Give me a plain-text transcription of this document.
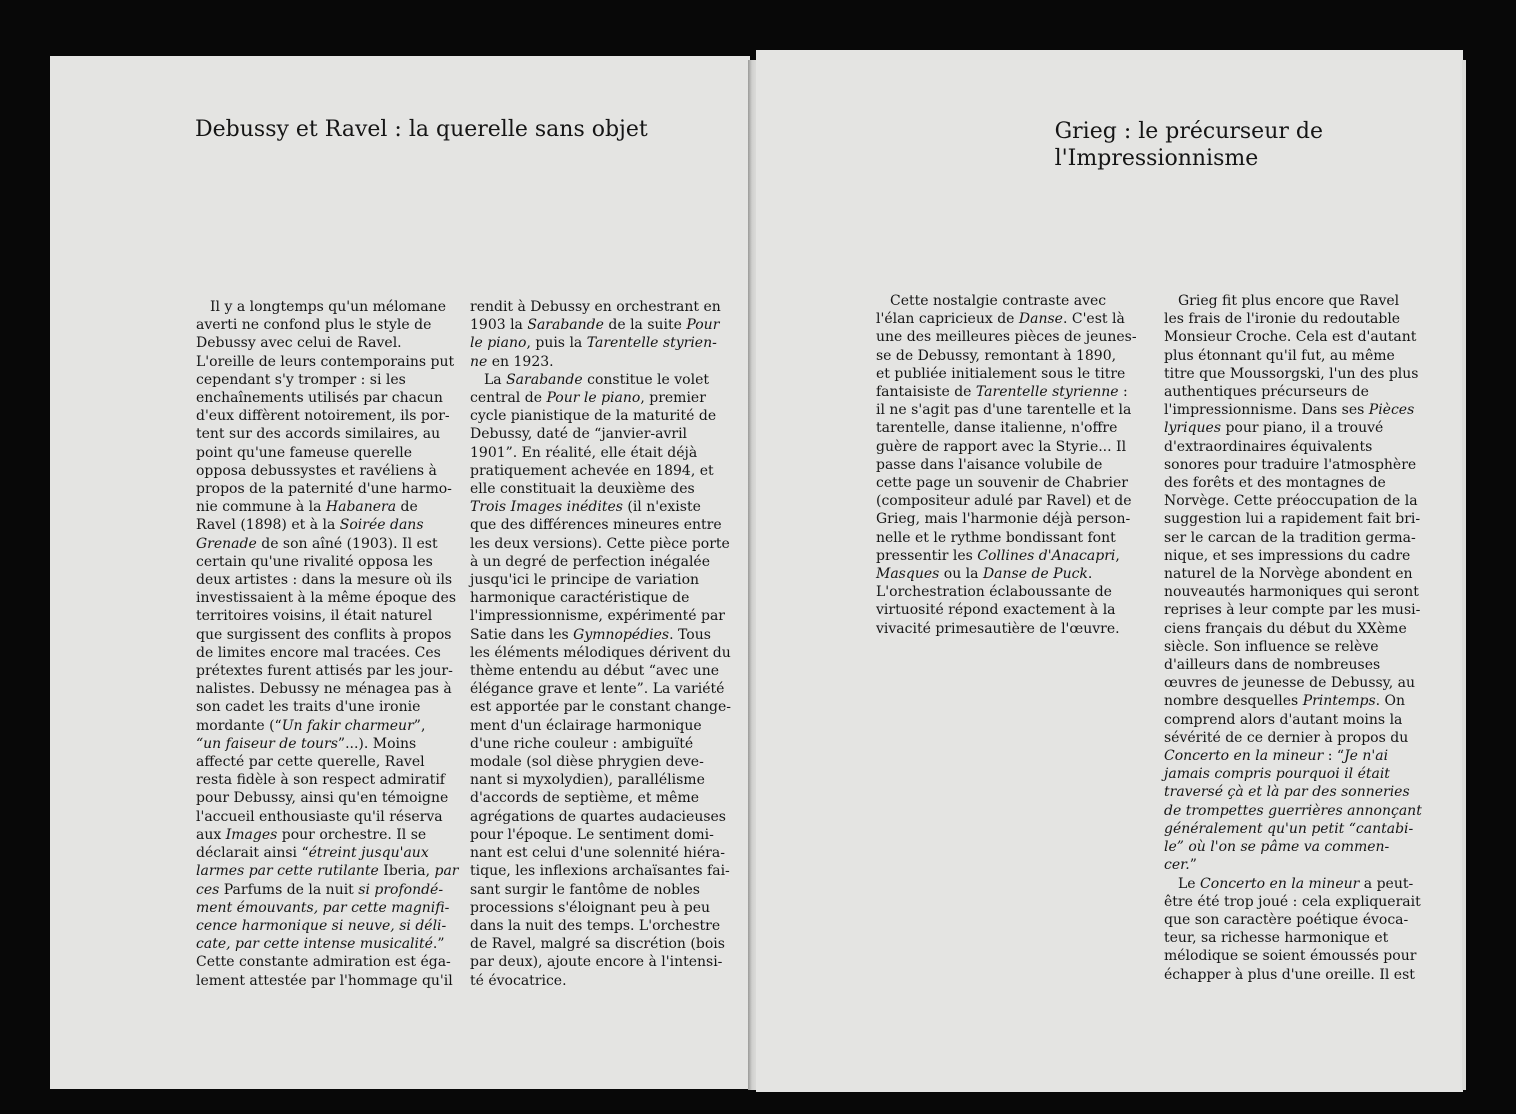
Debussy et Ravel : la querelle sans objet
Il y a longtemps qu'un mélomane
averti ne confond plus le style de
Debussy avec celui de Ravel.
L'oreille de leurs contemporains put
cependant s'y tromper : si les
enchaînements utilisés par chacun
d'eux diffèrent notoirement, ils por-
tent sur des accords similaires, au
point qu'une fameuse querelle
opposa debussystes et ravéliens à
propos de la paternité d'une harmo-
nie commune à la Habanera de
Ravel (1898) et à la Soirée dans
Grenade de son aîné (1903). Il est
certain qu'une rivalité opposa les
deux artistes : dans la mesure où ils
investissaient à la même époque des
territoires voisins, il était naturel
que surgissent des conflits à propos
de limites encore mal tracées. Ces
prétextes furent attisés par les jour-
nalistes. Debussy ne ménagea pas à
son cadet les traits d'une ironie
mordante (“Un fakir charmeur”,
“un faiseur de tours”...). Moins
affecté par cette querelle, Ravel
resta fidèle à son respect admiratif
pour Debussy, ainsi qu'en témoigne
l'accueil enthousiaste qu'il réserva
aux Images pour orchestre. Il se
déclarait ainsi “étreint jusqu'aux
larmes par cette rutilante Iberia, par
ces Parfums de la nuit si profondé-
ment émouvants, par cette magnifi-
cence harmonique si neuve, si déli-
cate, par cette intense musicalité.”
Cette constante admiration est éga-
lement attestée par l'hommage qu'il
rendit à Debussy en orchestrant en
1903 la Sarabande de la suite Pour
le piano, puis la Tarentelle styrien-
ne en 1923.
La Sarabande constitue le volet
central de Pour le piano, premier
cycle pianistique de la maturité de
Debussy, daté de “janvier-avril
1901”. En réalité, elle était déjà
pratiquement achevée en 1894, et
elle constituait la deuxième des
Trois Images inédites (il n'existe
que des différences mineures entre
les deux versions). Cette pièce porte
à un degré de perfection inégalée
jusqu'ici le principe de variation
harmonique caractéristique de
l'impressionnisme, expérimenté par
Satie dans les Gymnopédies. Tous
les éléments mélodiques dérivent du
thème entendu au début “avec une
élégance grave et lente”. La variété
est apportée par le constant change-
ment d'un éclairage harmonique
d'une riche couleur : ambiguïté
modale (sol dièse phrygien deve-
nant si myxolydien), parallélisme
d'accords de septième, et même
agrégations de quartes audacieuses
pour l'époque. Le sentiment domi-
nant est celui d'une solennité hiéra-
tique, les inflexions archaïsantes fai-
sant surgir le fantôme de nobles
processions s'éloignant peu à peu
dans la nuit des temps. L'orchestre
de Ravel, malgré sa discrétion (bois
par deux), ajoute encore à l'intensi-
té évocatrice.
Grieg : le précurseur de
l'Impressionnisme
Cette nostalgie contraste avec
l'élan capricieux de Danse. C'est là
une des meilleures pièces de jeunes-
se de Debussy, remontant à 1890,
et publiée initialement sous le titre
fantaisiste de Tarentelle styrienne :
il ne s'agit pas d'une tarentelle et la
tarentelle, danse italienne, n'offre
guère de rapport avec la Styrie... Il
passe dans l'aisance volubile de
cette page un souvenir de Chabrier
(compositeur adulé par Ravel) et de
Grieg, mais l'harmonie déjà person-
nelle et le rythme bondissant font
pressentir les Collines d'Anacapri,
Masques ou la Danse de Puck.
L'orchestration éclaboussante de
virtuosité répond exactement à la
vivacité primesautière de l'œuvre.
Grieg fit plus encore que Ravel
les frais de l'ironie du redoutable
Monsieur Croche. Cela est d'autant
plus étonnant qu'il fut, au même
titre que Moussorgski, l'un des plus
authentiques précurseurs de
l'impressionnisme. Dans ses Pièces
lyriques pour piano, il a trouvé
d'extraordinaires équivalents
sonores pour traduire l'atmosphère
des forêts et des montagnes de
Norvège. Cette préoccupation de la
suggestion lui a rapidement fait bri-
ser le carcan de la tradition germa-
nique, et ses impressions du cadre
naturel de la Norvège abondent en
nouveautés harmoniques qui seront
reprises à leur compte par les musi-
ciens français du début du XXème
siècle. Son influence se relève
d'ailleurs dans de nombreuses
œuvres de jeunesse de Debussy, au
nombre desquelles Printemps. On
comprend alors d'autant moins la
sévérité de ce dernier à propos du
Concerto en la mineur : “Je n'ai
jamais compris pourquoi il était
traversé çà et là par des sonneries
de trompettes guerrières annonçant
généralement qu'un petit “cantabi-
le” où l'on se pâme va commen-
cer.”
Le Concerto en la mineur a peut-
être été trop joué : cela expliquerait
que son caractère poétique évoca-
teur, sa richesse harmonique et
mélodique se soient émoussés pour
échapper à plus d'une oreille. Il est
